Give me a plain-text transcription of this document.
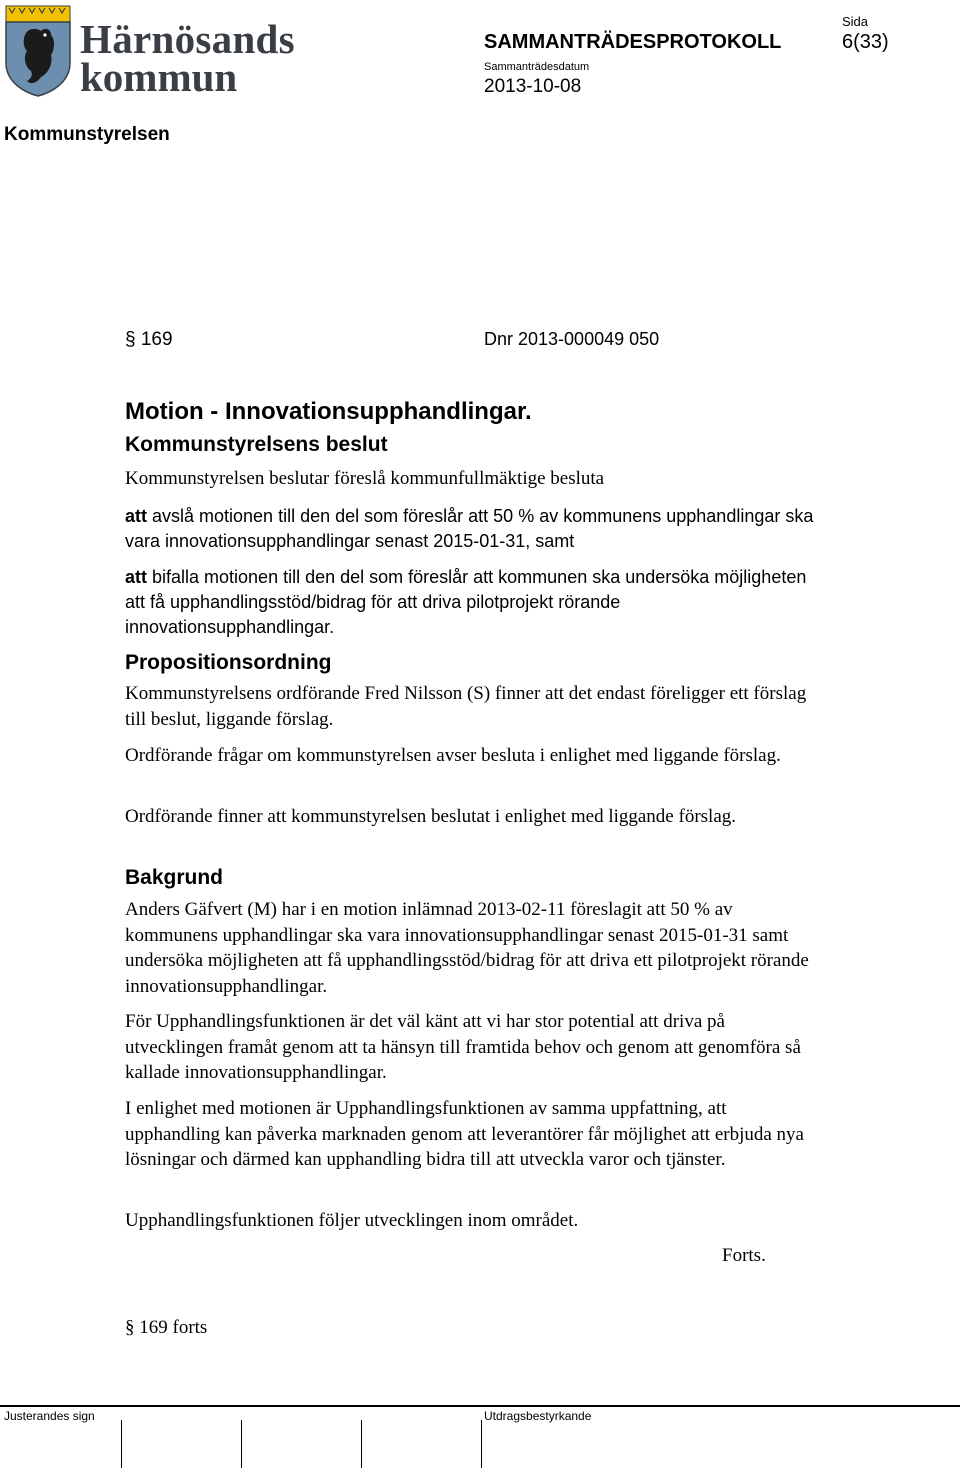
Härnösands
kommun
SAMMANTRÄDESPROTOKOLL
Sammanträdesdatum
2013-10-08
Sida
6(33)
Kommunstyrelsen
§ 169	Dnr 2013-000049 050
Motion - Innovationsupphandlingar.
Kommunstyrelsens beslut
Kommunstyrelsen beslutar föreslå kommunfullmäktige besluta
att avslå motionen till den del som föreslår att 50 % av kommunens upphandlingar ska vara innovationsupphandlingar senast 2015-01-31, samt
att bifalla motionen till den del som föreslår att kommunen ska undersöka möjligheten att få upphandlingsstöd/bidrag för att driva pilotprojekt rörande innovationsupphandlingar.
Propositionsordning
Kommunstyrelsens ordförande Fred Nilsson (S) finner att det endast föreligger ett förslag till beslut, liggande förslag.
Ordförande frågar om kommunstyrelsen avser besluta i enlighet med liggande förslag.
Ordförande finner att kommunstyrelsen beslutat i enlighet med liggande förslag.
Bakgrund
Anders Gäfvert (M) har i en motion inlämnad 2013-02-11 föreslagit att 50 % av kommunens upphandlingar ska vara innovationsupphandlingar senast 2015-01-31 samt undersöka möjligheten att få upphandlingsstöd/bidrag för att driva ett pilotprojekt rörande innovationsupphandlingar.
För Upphandlingsfunktionen är det väl känt att vi har stor potential att driva på utvecklingen framåt genom att ta hänsyn till framtida behov och genom att genomföra så kallade innovationsupphandlingar.
I enlighet med motionen är Upphandlingsfunktionen av samma uppfattning, att upphandling kan påverka marknaden genom att leverantörer får möjlighet att erbjuda nya lösningar och därmed kan upphandling bidra till att utveckla varor och tjänster.
Upphandlingsfunktionen följer utvecklingen inom området.
Forts.
§ 169 forts
Justerandes sign	Utdragsbestyrkande
